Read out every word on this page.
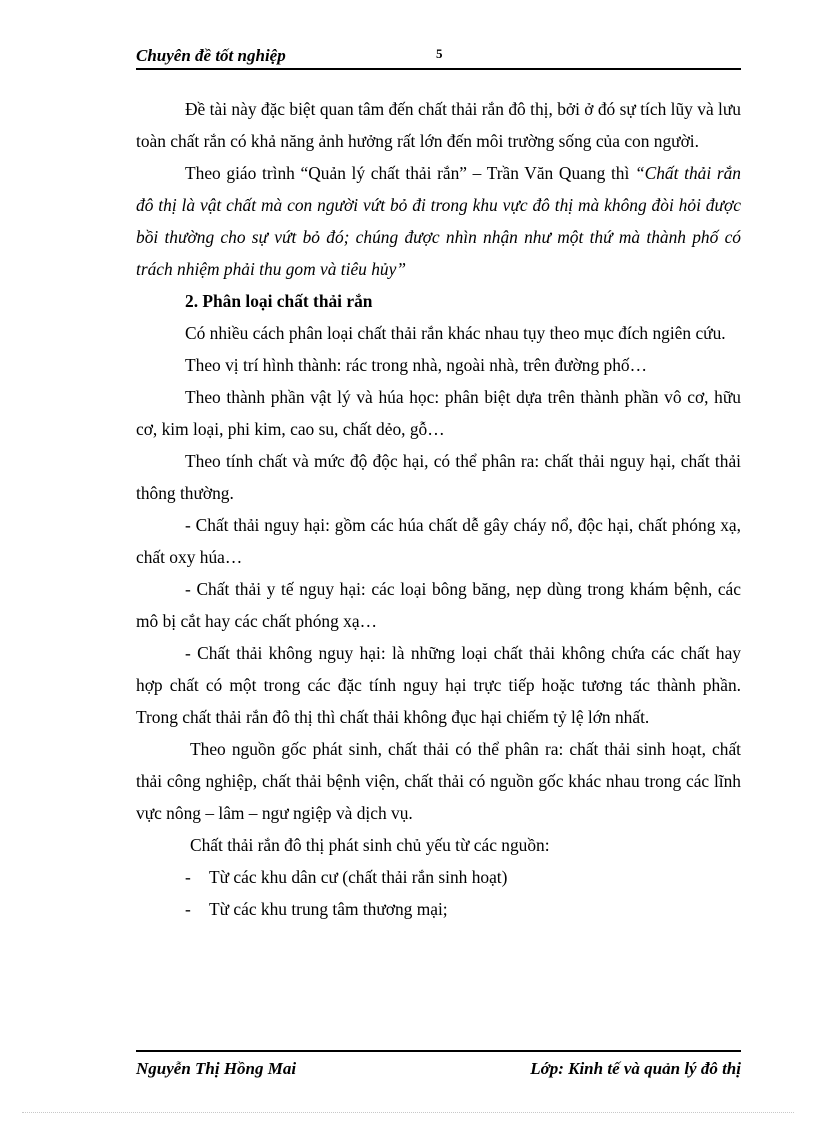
Chuyên đề tốt nghiệp	5

Đề tài này đặc biệt quan tâm đến chất thải rắn đô thị, bởi ở đó sự tích lũy và lưu toàn chất rắn có khả năng ảnh hưởng rất lớn đến môi trường sống của con người.

Theo giáo trình “Quản lý chất thải rắn” – Trần Văn Quang thì “Chất thải rắn đô thị là vật chất mà con người vứt bỏ đi trong khu vực đô thị mà không đòi hỏi được bồi thường cho sự vứt bỏ đó; chúng được nhìn nhận như một thứ mà thành phố có trách nhiệm phải thu gom và tiêu hủy”

2. Phân loại chất thải rắn

Có nhiều cách phân loại chất thải rắn khác nhau tụy theo mục đích ngiên cứu.

Theo vị trí hình thành: rác trong nhà, ngoài nhà, trên đường phố…

Theo thành phần vật lý và húa học: phân biệt dựa trên thành phần vô cơ, hữu cơ, kim loại, phi kim, cao su, chất dẻo, gỗ…

Theo tính chất và mức độ độc hại, có thể phân ra: chất thải nguy hại, chất thải thông thường.

- Chất thải nguy hại: gồm các húa chất dễ gây cháy nổ, độc hại, chất phóng xạ, chất oxy húa…

- Chất thải y tế nguy hại: các loại bông băng, nẹp dùng trong khám bệnh, các mô bị cắt hay các chất phóng xạ…

- Chất thải không nguy hại: là những loại chất thải không chứa các chất hay hợp chất có một trong các đặc tính nguy hại trực tiếp hoặc tương tác thành phần. Trong chất thải rắn đô thị thì chất thải không đục hại chiếm tỷ lệ lớn nhất.

Theo nguồn gốc phát sinh, chất thải có thể phân ra: chất thải sinh hoạt, chất thải công nghiệp, chất thải bệnh viện, chất thải có nguồn gốc khác nhau trong các lĩnh vực nông – lâm – ngư ngiệp và dịch vụ.

Chất thải rắn đô thị phát sinh chủ yếu từ các nguồn:

-	Từ các khu dân cư (chất thải rắn sinh hoạt)
-	Từ các khu trung tâm thương mại;
Nguyễn Thị Hồng Mai	Lớp: Kinh tế và quản lý đô thị
